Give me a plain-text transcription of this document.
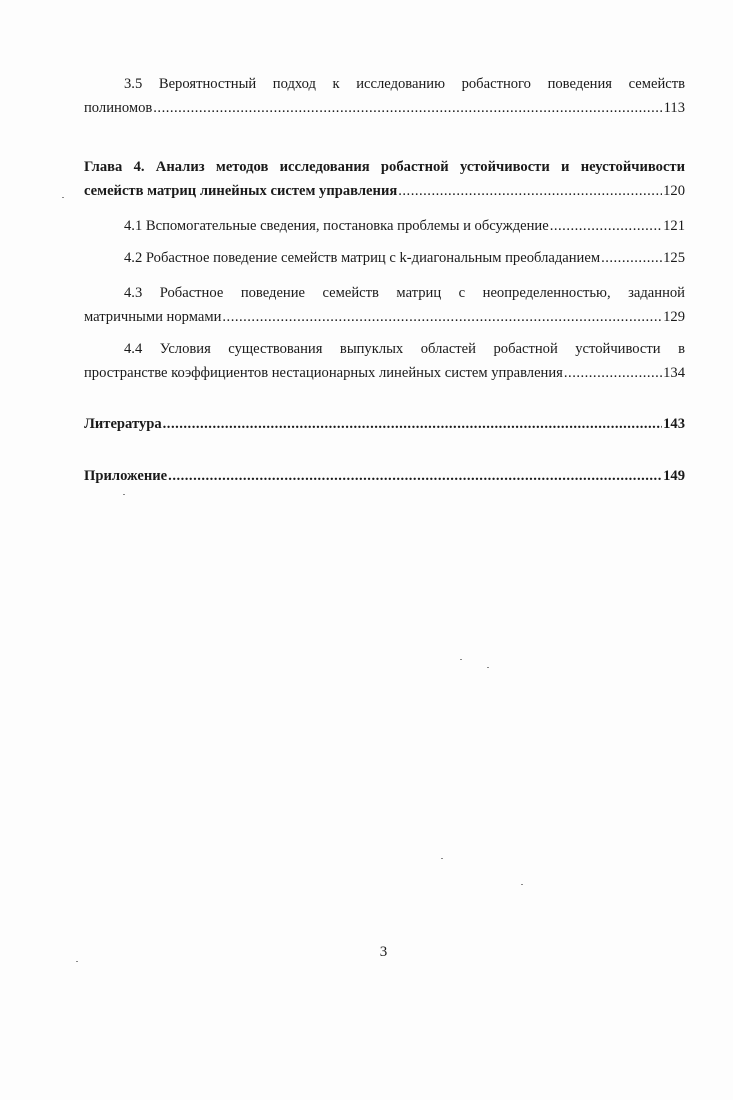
3.5 Вероятностный подход к исследованию робастного поведения семейств
полиномов .....	113
Глава 4. Анализ методов исследования робастной устойчивости и неустойчивости
семейств матриц линейных систем управления .....	120
4.1 Вспомогательные сведения, постановка проблемы и обсуждение .....	121
4.2 Робастное поведение семейств матриц с k-диагональным преобладанием .....	125
4.3 Робастное поведение семейств матриц с неопределенностью, заданной
матричными нормами .....	129
4.4 Условия существования выпуклых областей робастной устойчивости в
пространстве коэффициентов нестационарных линейных систем управления .....	134
Литература .....	143
Приложение .....	149
3
